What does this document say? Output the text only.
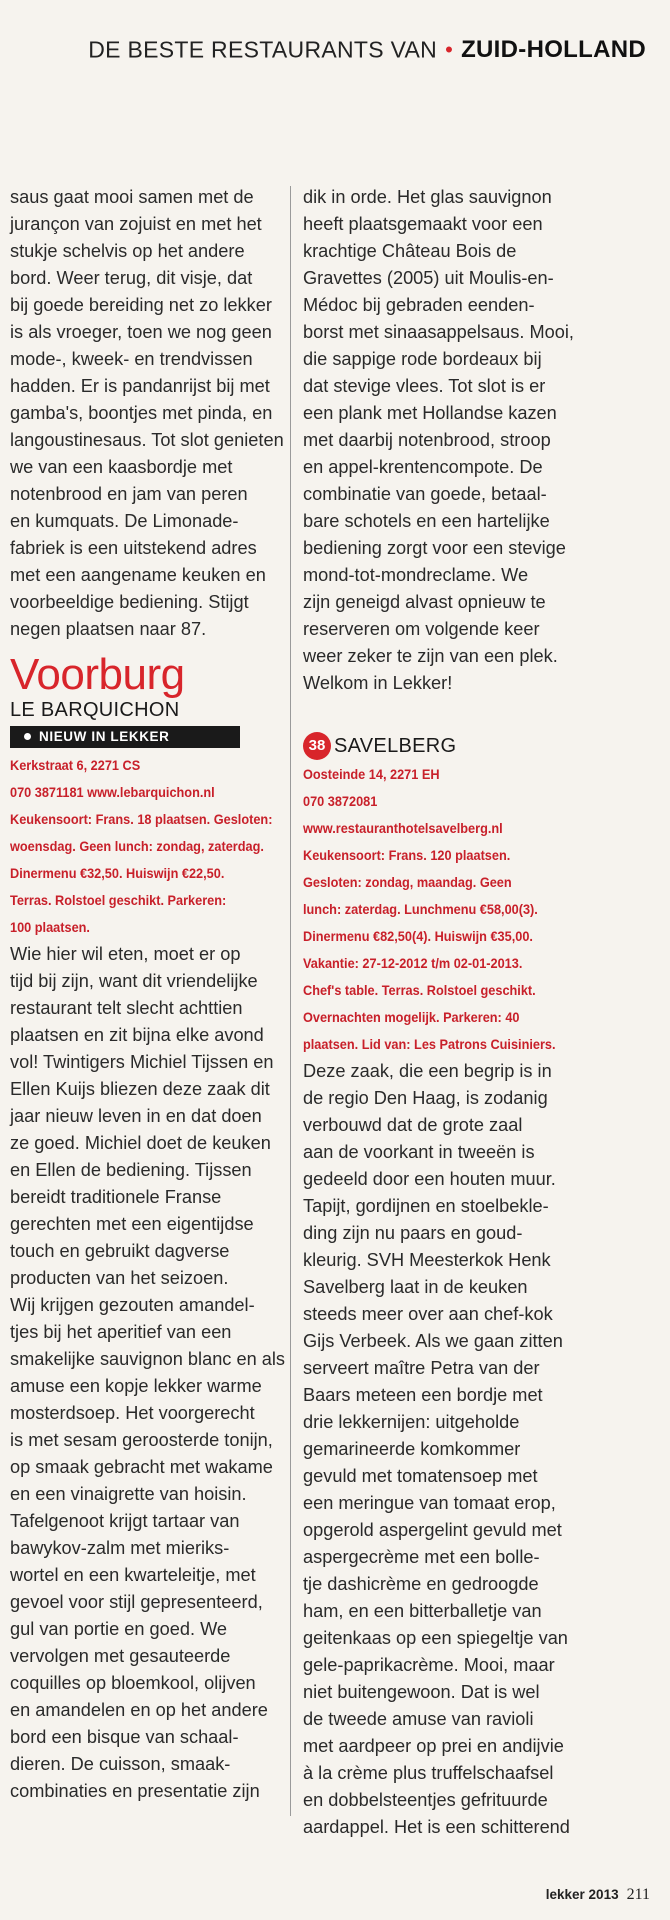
DE BESTE RESTAURANTS VAN • ZUID-HOLLAND

saus gaat mooi samen met de

jurançon van zojuist en met het

stukje schelvis op het andere

bord. Weer terug, dit visje, dat

bij goede bereiding net zo lekker

is als vroeger, toen we nog geen

mode-, kweek- en trendvissen

hadden. Er is pandanrijst bij met

gamba's, boontjes met pinda, en

langoustinesaus. Tot slot genieten

we van een kaasbordje met

notenbrood en jam van peren

en kumquats. De Limonade-

fabriek is een uitstekend adres

met een aangename keuken en

voorbeeldige bediening. Stijgt

negen plaatsen naar 87.

Voorburg
LE BARQUICHON
NIEUW IN LEKKER

Kerkstraat 6, 2271 CS

070 3871181 www.lebarquichon.nl

Keukensoort: Frans. 18 plaatsen. Gesloten:

woensdag. Geen lunch: zondag, zaterdag.

Dinermenu €32,50. Huiswijn €22,50.

Terras. Rolstoel geschikt. Parkeren:

100 plaatsen.

Wie hier wil eten, moet er op

tijd bij zijn, want dit vriendelijke

restaurant telt slecht achttien

plaatsen en zit bijna elke avond

vol! Twintigers Michiel Tijssen en

Ellen Kuijs bliezen deze zaak dit

jaar nieuw leven in en dat doen

ze goed. Michiel doet de keuken

en Ellen de bediening. Tijssen

bereidt traditionele Franse

gerechten met een eigentijdse

touch en gebruikt dagverse

producten van het seizoen.

Wij krijgen gezouten amandel-

tjes bij het aperitief van een

smakelijke sauvignon blanc en als

amuse een kopje lekker warme

mosterdsoep. Het voorgerecht

is met sesam geroosterde tonijn,

op smaak gebracht met wakame

en een vinaigrette van hoisin.

Tafelgenoot krijgt tartaar van

bawykov-zalm met mieriks-

wortel en een kwarteleitje, met

gevoel voor stijl gepresenteerd,

gul van portie en goed. We

vervolgen met gesauteerde

coquilles op bloemkool, olijven

en amandelen en op het andere

bord een bisque van schaal-

dieren. De cuisson, smaak-

combinaties en presentatie zijn

dik in orde. Het glas sauvignon

heeft plaatsgemaakt voor een

krachtige Château Bois de

Gravettes (2005) uit Moulis-en-

Médoc bij gebraden eenden-

borst met sinaasappelsaus. Mooi,

die sappige rode bordeaux bij

dat stevige vlees. Tot slot is er

een plank met Hollandse kazen

met daarbij notenbrood, stroop

en appel-krentencompote. De

combinatie van goede, betaal-

bare schotels en een hartelijke

bediening zorgt voor een stevige

mond-tot-mondreclame. We

zijn geneigd alvast opnieuw te

reserveren om volgende keer

weer zeker te zijn van een plek.

Welkom in Lekker!

38 SAVELBERG

Oosteinde 14, 2271 EH

070 3872081

www.restauranthotelsavelberg.nl

Keukensoort: Frans. 120 plaatsen.

Gesloten: zondag, maandag. Geen

lunch: zaterdag. Lunchmenu €58,00(3).

Dinermenu €82,50(4). Huiswijn €35,00.

Vakantie: 27-12-2012 t/m 02-01-2013.

Chef's table. Terras. Rolstoel geschikt.

Overnachten mogelijk. Parkeren: 40

plaatsen. Lid van: Les Patrons Cuisiniers.

Deze zaak, die een begrip is in

de regio Den Haag, is zodanig

verbouwd dat de grote zaal

aan de voorkant in tweeën is

gedeeld door een houten muur.

Tapijt, gordijnen en stoelbekle-

ding zijn nu paars en goud-

kleurig. SVH Meesterkok Henk

Savelberg laat in de keuken

steeds meer over aan chef-kok

Gijs Verbeek. Als we gaan zitten

serveert maître Petra van der

Baars meteen een bordje met

drie lekkernijen: uitgeholde

gemarineerde komkommer

gevuld met tomatensoep met

een meringue van tomaat erop,

opgerold aspergelint gevuld met

aspergecrème met een bolle-

tje dashicrème en gedroogde

ham, en een bitterballetje van

geitenkaas op een spiegeltje van

gele-paprikacrème. Mooi, maar

niet buitengewoon. Dat is wel

de tweede amuse van ravioli

met aardpeer op prei en andijvie

à la crème plus truffelschaafsel

en dobbelsteentjes gefrituurde

aardappel. Het is een schitterend

lekker 2013 211
